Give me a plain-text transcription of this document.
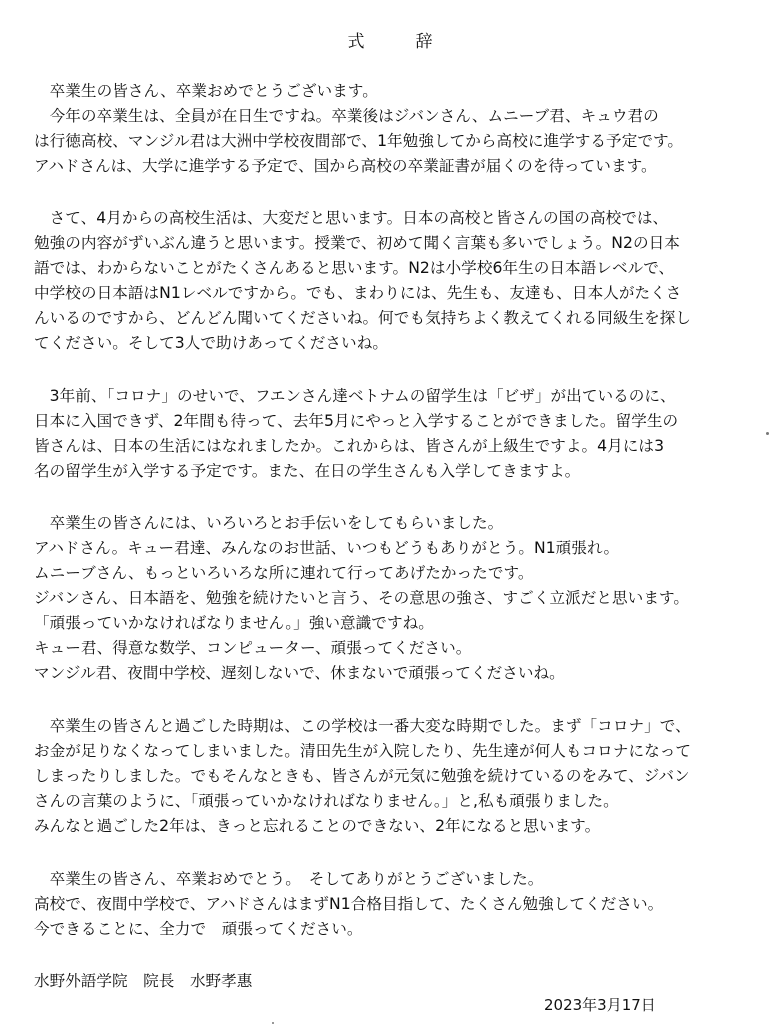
式　　　辞
　卒業生の皆さん、卒業おめでとうございます。
　今年の卒業生は、全員が在日生ですね。卒業後はジバンさん、ムニーブ君、キュウ君の
は行徳高校、マンジル君は大洲中学校夜間部で、1年勉強してから高校に進学する予定です。
アハドさんは、大学に進学する予定で、国から高校の卒業証書が届くのを待っています。
　さて、4月からの高校生活は、大変だと思います。日本の高校と皆さんの国の高校では、
勉強の内容がずいぶん違うと思います。授業で、初めて聞く言葉も多いでしょう。N2の日本
語では、わからないことがたくさんあると思います。N2は小学校6年生の日本語レベルで、
中学校の日本語はN1レベルですから。でも、まわりには、先生も、友達も、日本人がたくさ
んいるのですから、どんどん聞いてくださいね。何でも気持ちよく教えてくれる同級生を探し
てください。そして3人で助けあってくださいね。
　3年前、「コロナ」のせいで、フエンさん達ベトナムの留学生は「ビザ」が出ているのに、
日本に入国できず、2年間も待って、去年5月にやっと入学することができました。留学生の
皆さんは、日本の生活にはなれましたか。これからは、皆さんが上級生ですよ。4月には3
名の留学生が入学する予定です。また、在日の学生さんも入学してきますよ。
　卒業生の皆さんには、いろいろとお手伝いをしてもらいました。
アハドさん。キュー君達、みんなのお世話、いつもどうもありがとう。N1頑張れ。
ムニーブさん、もっといろいろな所に連れて行ってあげたかったです。
ジバンさん、日本語を、勉強を続けたいと言う、その意思の強さ、すごく立派だと思います。
「頑張っていかなければなりません。」強い意識ですね。
キュー君、得意な数学、コンピューター、頑張ってください。
マンジル君、夜間中学校、遅刻しないで、休まないで頑張ってくださいね。
　卒業生の皆さんと過ごした時期は、この学校は一番大変な時期でした。まず「コロナ」で、
お金が足りなくなってしまいました。清田先生が入院したり、先生達が何人もコロナになって
しまったりしました。でもそんなときも、皆さんが元気に勉強を続けているのをみて、ジバン
さんの言葉のように、「頑張っていかなければなりません。」と,私も頑張りました。
みんなと過ごした2年は、きっと忘れることのできない、2年になると思います。
　卒業生の皆さん、卒業おめでとう。　そしてありがとうございました。
高校で、夜間中学校で、アハドさんはまずN1合格目指して、たくさん勉強してください。
今できることに、全力で　頑張ってください。
水野外語学院　院長　水野孝惠
2023年3月17日
